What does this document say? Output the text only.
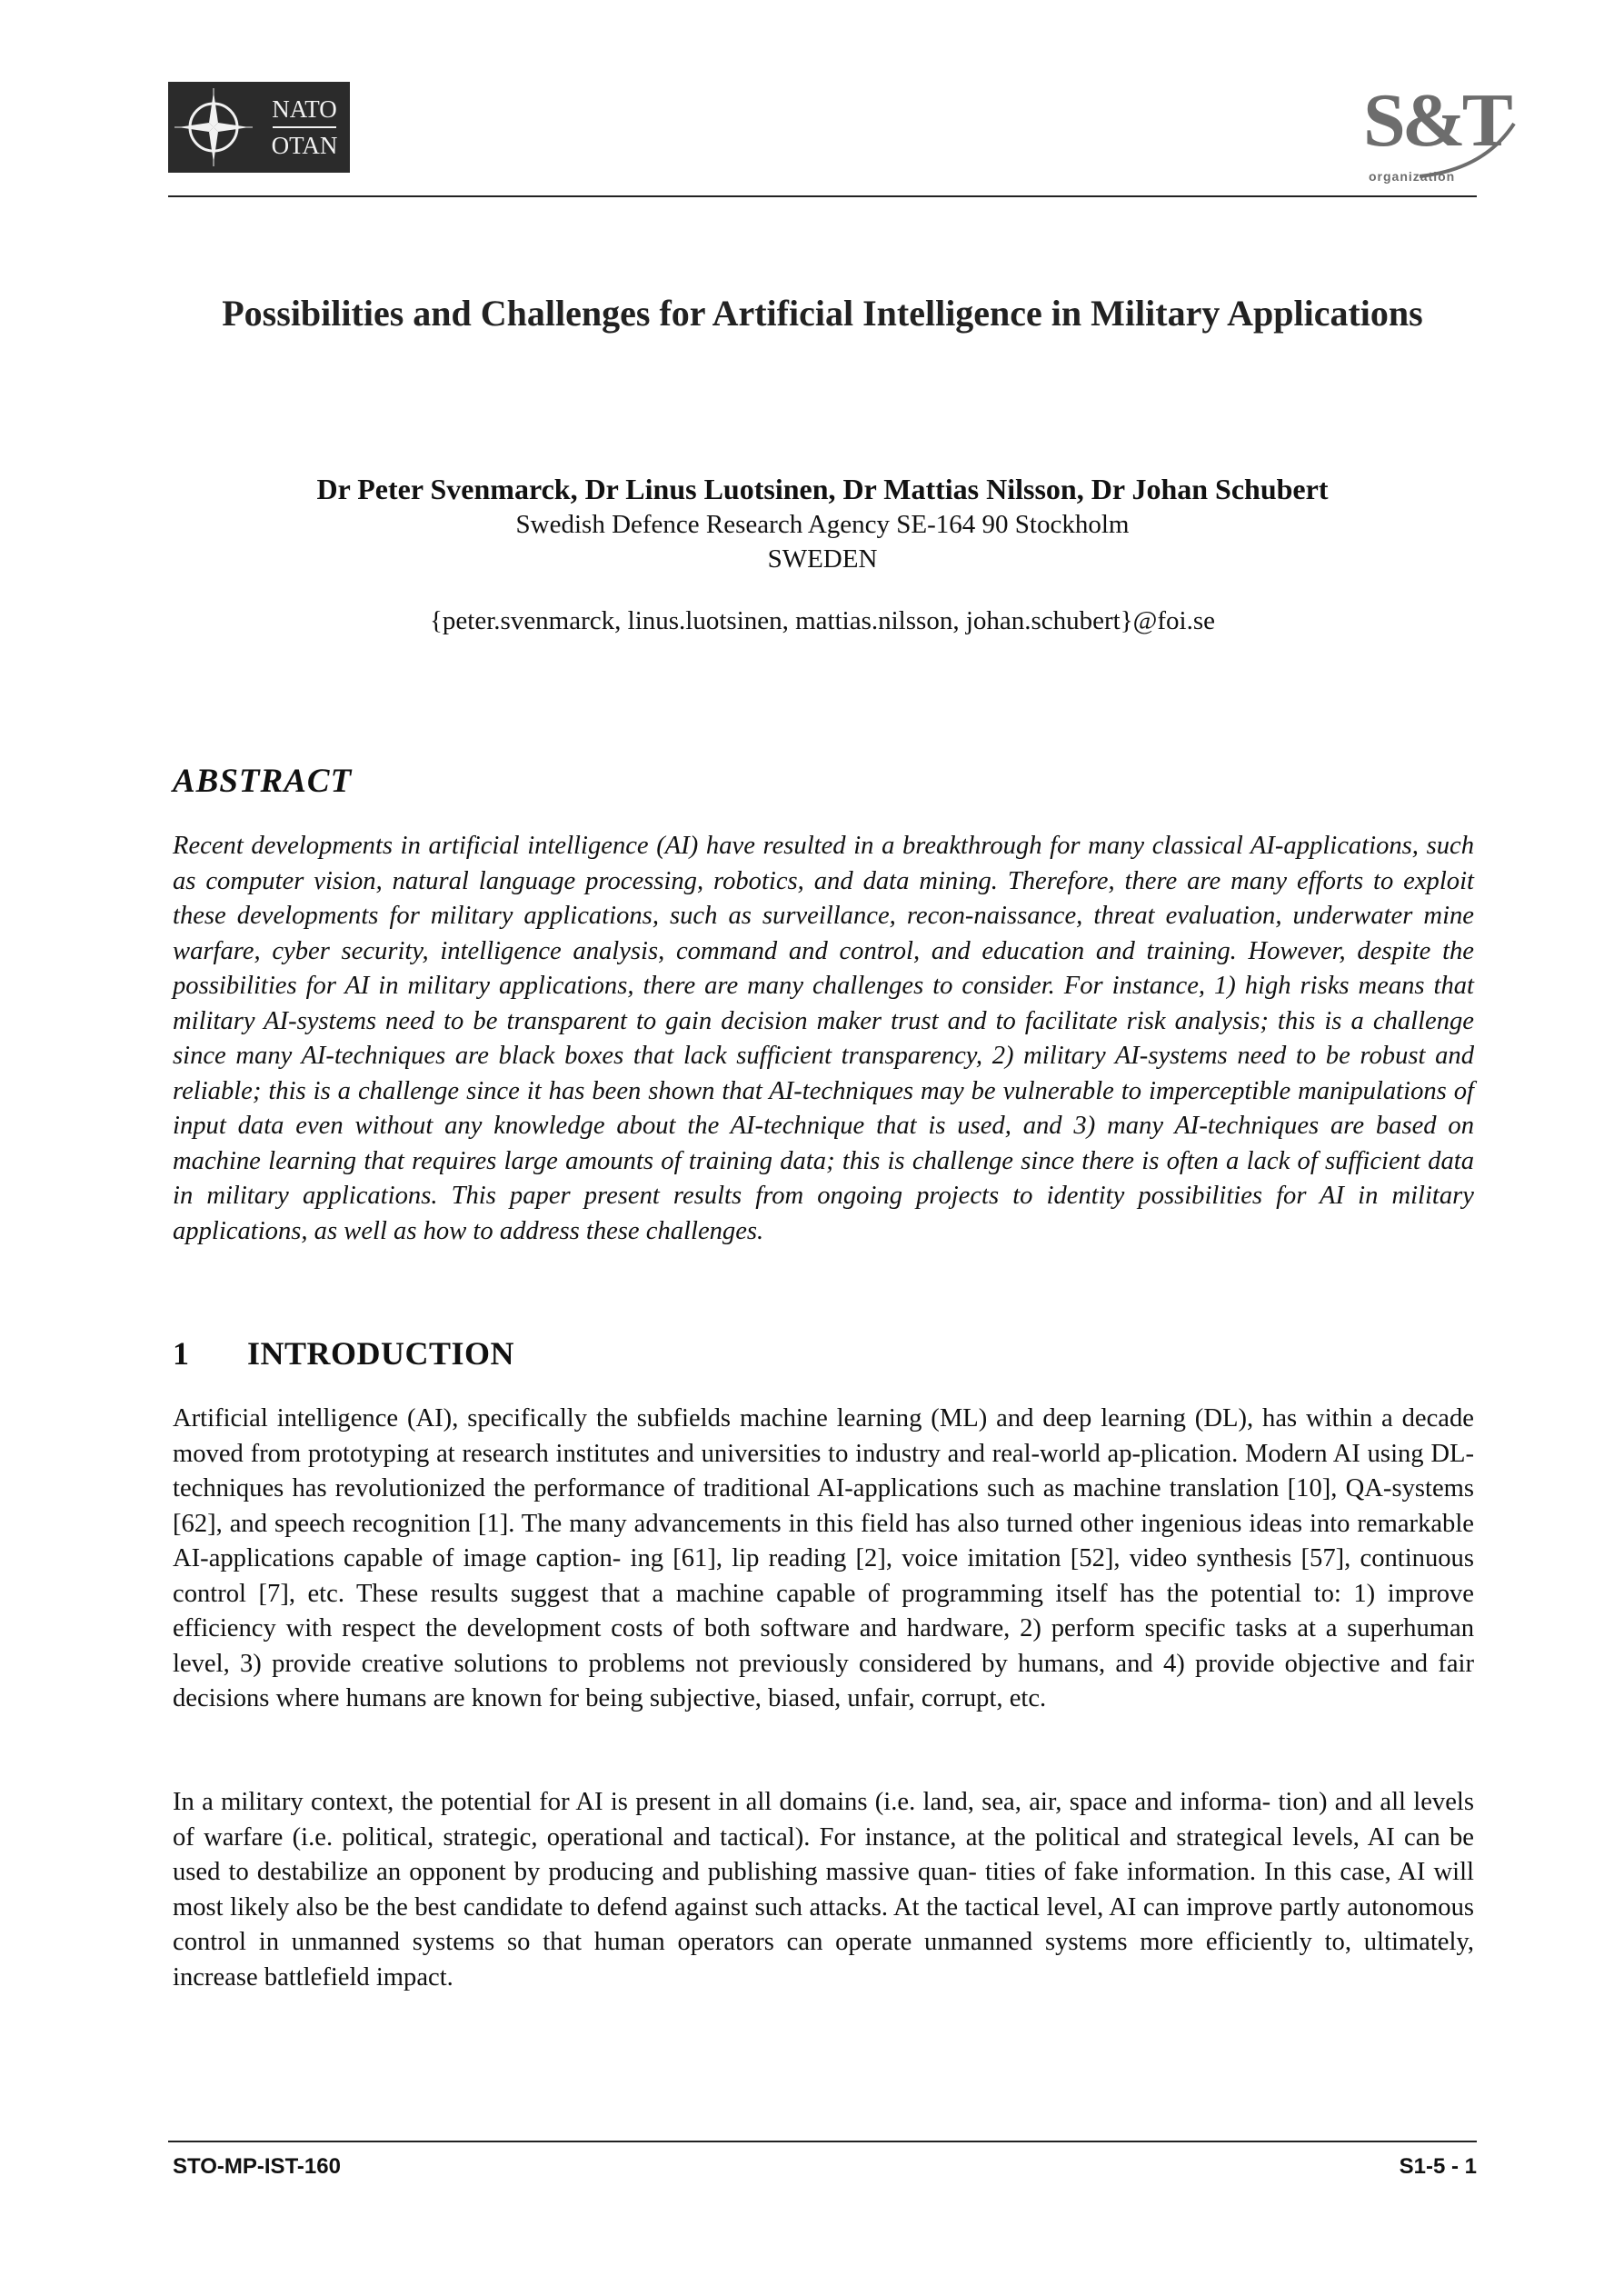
NATO
OTAN	S&T
organization
Possibilities and Challenges for Artificial Intelligence in Military Applications
Dr Peter Svenmarck, Dr Linus Luotsinen, Dr Mattias Nilsson, Dr Johan Schubert
Swedish Defence Research Agency SE-164 90 Stockholm
SWEDEN
{peter.svenmarck, linus.luotsinen, mattias.nilsson, johan.schubert}@foi.se
ABSTRACT

Recent developments in artificial intelligence (AI) have resulted in a breakthrough for many classical AI-applications, such as computer vision, natural language processing, robotics, and data mining. Therefore, there are many efforts to exploit these developments for military applications, such as surveillance, recon-naissance, threat evaluation, underwater mine warfare, cyber security, intelligence analysis, command and control, and education and training. However, despite the possibilities for AI in military applications, there are many challenges to consider. For instance, 1) high risks means that military AI-systems need to be transparent to gain decision maker trust and to facilitate risk analysis; this is a challenge since many AI-techniques are black boxes that lack sufficient transparency, 2) military AI-systems need to be robust and reliable; this is a challenge since it has been shown that AI-techniques may be vulnerable to imperceptible manipulations of input data even without any knowledge about the AI-technique that is used, and 3) many AI-techniques are based on machine learning that requires large amounts of training data; this is challenge since there is often a lack of sufficient data in military applications. This paper present results from ongoing projects to identity possibilities for AI in military applications, as well as how to address these challenges.

1 INTRODUCTION

Artificial intelligence (AI), specifically the subfields machine learning (ML) and deep learning (DL), has within a decade moved from prototyping at research institutes and universities to industry and real-world ap-plication. Modern AI using DL-techniques has revolutionized the performance of traditional AI-applications such as machine translation [10], QA-systems [62], and speech recognition [1]. The many advancements in this field has also turned other ingenious ideas into remarkable AI-applications capable of image caption- ing [61], lip reading [2], voice imitation [52], video synthesis [57], continuous control [7], etc. These results suggest that a machine capable of programming itself has the potential to: 1) improve efficiency with respect the development costs of both software and hardware, 2) perform specific tasks at a superhuman level, 3) provide creative solutions to problems not previously considered by humans, and 4) provide objective and fair decisions where humans are known for being subjective, biased, unfair, corrupt, etc.

In a military context, the potential for AI is present in all domains (i.e. land, sea, air, space and informa- tion) and all levels of warfare (i.e. political, strategic, operational and tactical). For instance, at the political and strategical levels, AI can be used to destabilize an opponent by producing and publishing massive quan- tities of fake information. In this case, AI will most likely also be the best candidate to defend against such attacks. At the tactical level, AI can improve partly autonomous control in unmanned systems so that human operators can operate unmanned systems more efficiently to, ultimately, increase battlefield impact.

STO-MP-IST-160	S1-5 - 1
